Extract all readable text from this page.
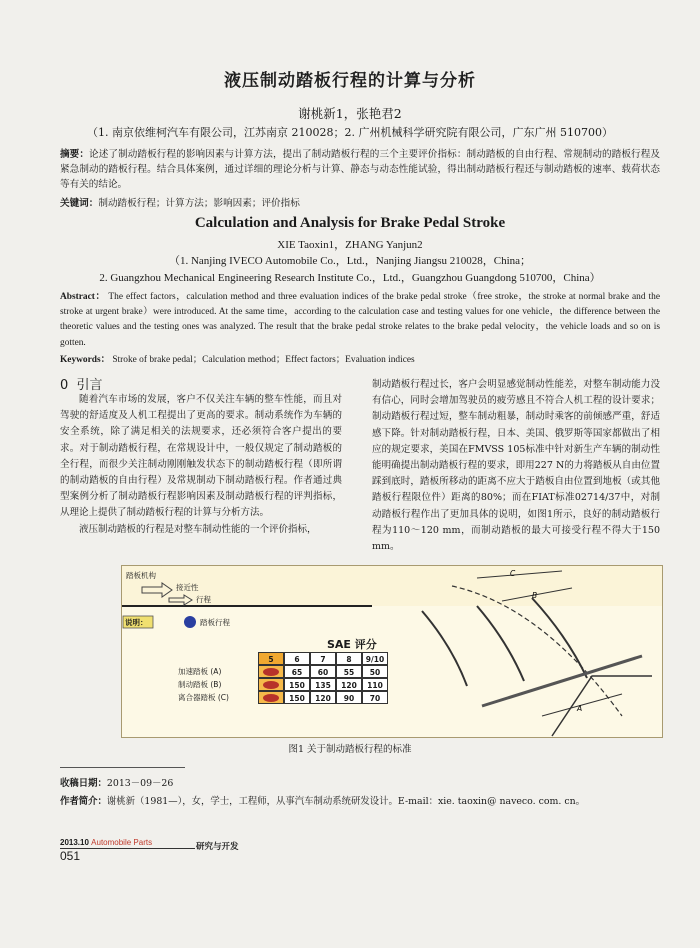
液压制动踏板行程的计算与分析
谢桃新1，张艳君2
（1. 南京依维柯汽车有限公司，江苏南京 210028；2. 广州机械科学研究院有限公司，广东广州 510700）
摘要：论述了制动踏板行程的影响因素与计算方法，提出了制动踏板行程的三个主要评价指标：制动踏板的自由行程、常规制动的踏板行程及紧急制动的踏板行程。结合具体案例，通过详细的理论分析与计算、静态与动态性能试验，得出制动踏板行程还与制动踏板的速率、载荷状态等有关的结论。
关键词：制动踏板行程；计算方法；影响因素；评价指标
Calculation and Analysis for Brake Pedal Stroke
XIE Taoxin1，ZHANG Yanjun2
（1. Nanjing IVECO Automobile Co.，Ltd.，Nanjing Jiangsu 210028，China；
2. Guangzhou Mechanical Engineering Research Institute Co.，Ltd.，Guangzhou Guangdong 510700，China）
Abstract： The effect factors，calculation method and three evaluation indices of the brake pedal stroke（free stroke，the stroke at normal brake and the stroke at urgent brake）were introduced. At the same time，according to the calculation case and testing values for one vehicle，the difference between the theoretic values and the testing ones was analyzed. The result that the brake pedal stroke relates to the brake pedal velocity，the vehicle loads and so on is gotten.
Keywords： Stroke of brake pedal；Calculation method；Effect factors；Evaluation indices
0 引言

随着汽车市场的发展，客户不仅关注车辆的整车性能，而且对驾驶的舒适度及人机工程提出了更高的要求。制动系统作为车辆的安全系统，除了满足相关的法规要求，还必须符合客户提出的要求。对于制动踏板行程，在常规设计中，一般仅规定了制动踏板的全行程，而很少关注制动刚刚触发状态下的制动踏板行程（即所谓的制动踏板的自由行程）及常规制动下制动踏板行程。作者通过典型案例分析了制动踏板行程影响因素及制动踏板行程的评判指标，从理论上提供了制动踏板行程的计算与分析方法。

液压制动踏板的行程是对整车制动性能的一个评价指标，

制动踏板行程过长，客户会明显感觉制动性能差，对整车制动能力没有信心，同时会增加驾驶员的疲劳感且不符合人机工程的设计要求；制动踏板行程过短，整车制动粗暴，制动时乘客的前倾感严重，舒适感下降。针对制动踏板行程，日本、美国、俄罗斯等国家都做出了相应的规定要求，美国在FMVSS 105标准中针对新生产车辆的制动性能明确提出制动踏板行程的要求，即用227 N的力将踏板从自由位置踩到底时，踏板所移动的距离不应大于踏板自由位置到地板（或其他踏板行程限位件）距离的80%；而在FIAT标准02714/37中，对制动踏板行程作出了更加具体的说明，如图1所示，良好的制动踏板行程为110～120 mm，而制动踏板的最大可接受行程不得大于150 mm。

C
B
A
踏板机构
接近性
行程
说明：	踏板行程
SAE 评分
5	6	7	8	9/10
加速踏板 (A)	65	60	55	50
制动踏板 (B)	150	135	120	110
离合器踏板 (C)	150	120	90	70
图1 关于制动踏板行程的标准
收稿日期：2013－09－26
作者简介：谢桃新（1981—），女，学士，工程师，从事汽车制动系统研发设计。E-mail：xie. taoxin@ naveco. com. cn。
2013.10 Automobile Parts
051
研究与开发
